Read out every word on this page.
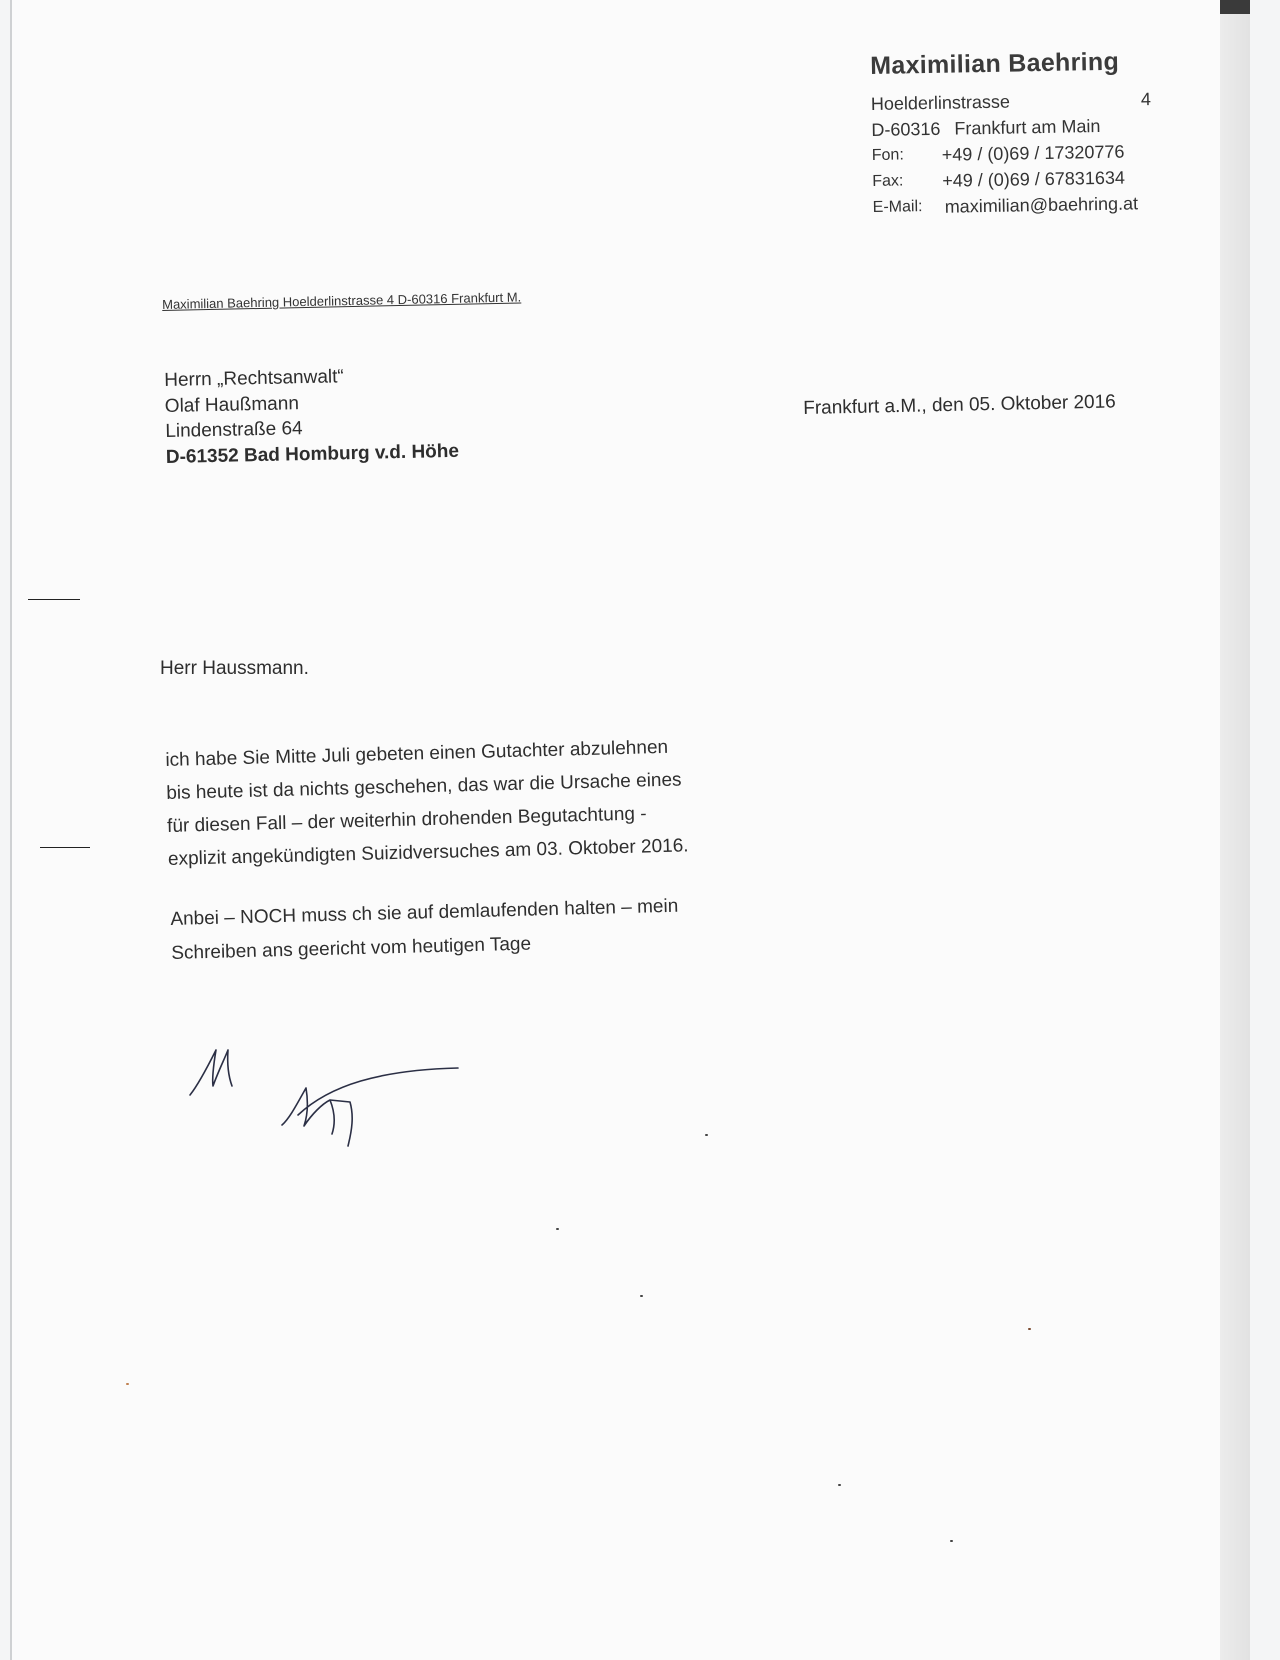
Maximilian Baehring
Hoelderlinstrasse	4
D-60316 Frankfurt am Main
Fon:	+49 / (0)69 / 17320776
Fax:	+49 / (0)69 / 67831634
E-Mail:	maximilian@baehring.at
Maximilian Baehring Hoelderlinstrasse 4 D-60316 Frankfurt M.
Herrn „Rechtsanwalt“
Olaf Haußmann
Lindenstraße 64
D-61352 Bad Homburg v.d. Höhe
Frankfurt a.M., den 05. Oktober 2016
Herr Haussmann.
ich habe Sie Mitte Juli gebeten einen Gutachter abzulehnen
bis heute ist da nichts geschehen, das war die Ursache eines
für diesen Fall – der weiterhin drohenden Begutachtung -
explizit angekündigten Suizidversuches am 03. Oktober 2016.
Anbei – NOCH muss ch sie auf demlaufenden halten – mein
Schreiben ans geericht vom heutigen Tage
